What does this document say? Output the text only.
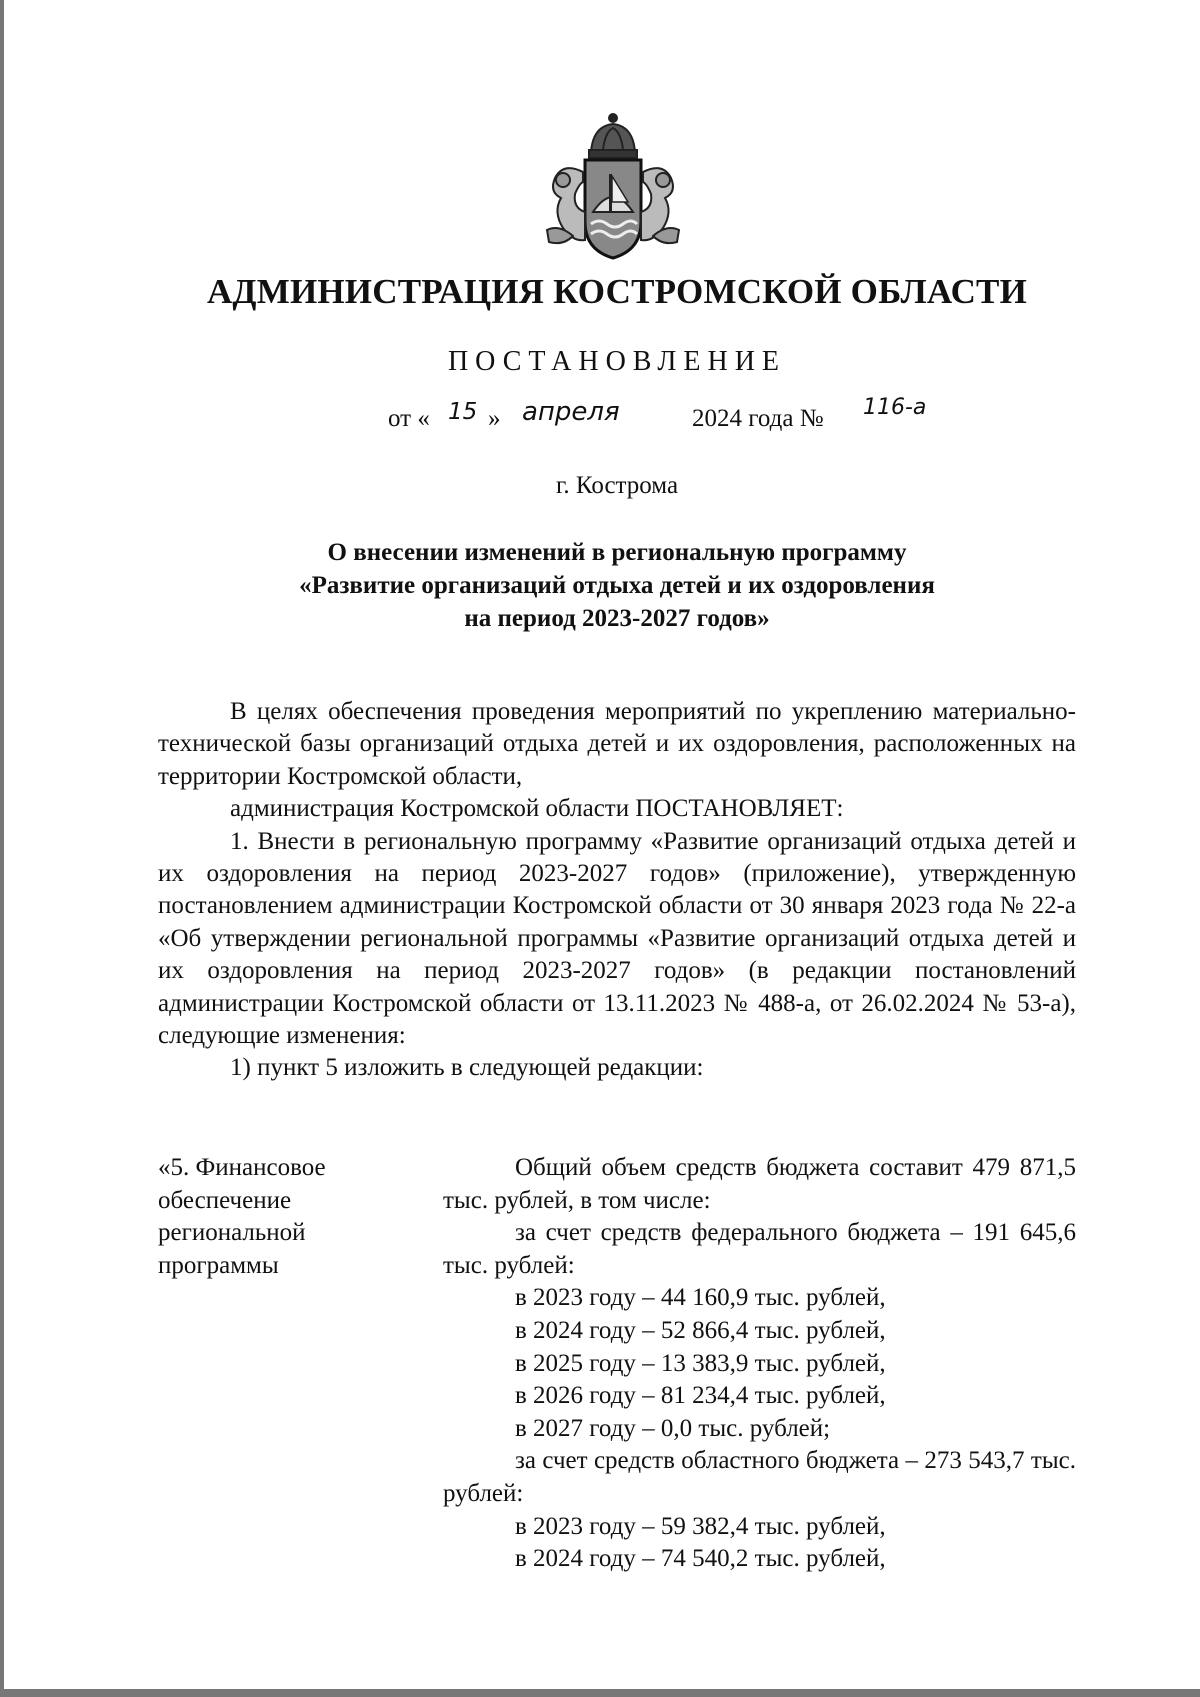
АДМИНИСТРАЦИЯ КОСТРОМСКОЙ ОБЛАСТИ
ПОСТАНОВЛЕНИЕ
от « 15 » апреля	2024 года № 116-а
г. Кострома
О внесении изменений в региональную программу
«Развитие организаций отдыха детей и их оздоровления
на период 2023-2027 годов»

В целях обеспечения проведения мероприятий по укреплению материально-технической базы организаций отдыха детей и их оздоровления, расположенных на территории Костромской области,

администрация Костромской области ПОСТАНОВЛЯЕТ:

1. Внести в региональную программу «Развитие организаций отдыха детей и их оздоровления на период 2023-2027 годов» (приложение), утвержденную постановлением администрации Костромской области от 30 января 2023 года № 22-а «Об утверждении региональной программы «Развитие организаций отдыха детей и их оздоровления на период 2023-2027 годов» (в редакции постановлений администрации Костромской области от 13.11.2023 № 488-а, от 26.02.2024 № 53-а), следующие изменения:

1) пункт 5 изложить в следующей редакции:

«5. Финансовое
обеспечение
региональной
программы

Общий объем средств бюджета составит 479 871,5 тыс. рублей, в том числе:

за счет средств федерального бюджета – 191 645,6 тыс. рублей:

в 2023 году – 44 160,9 тыс. рублей,
в 2024 году – 52 866,4 тыс. рублей,
в 2025 году – 13 383,9 тыс. рублей,
в 2026 году – 81 234,4 тыс. рублей,
в 2027 году – 0,0 тыс. рублей;

за счет средств областного бюджета – 273 543,7 тыс. рублей:

в 2023 году – 59 382,4 тыс. рублей,
в 2024 году – 74 540,2 тыс. рублей,
